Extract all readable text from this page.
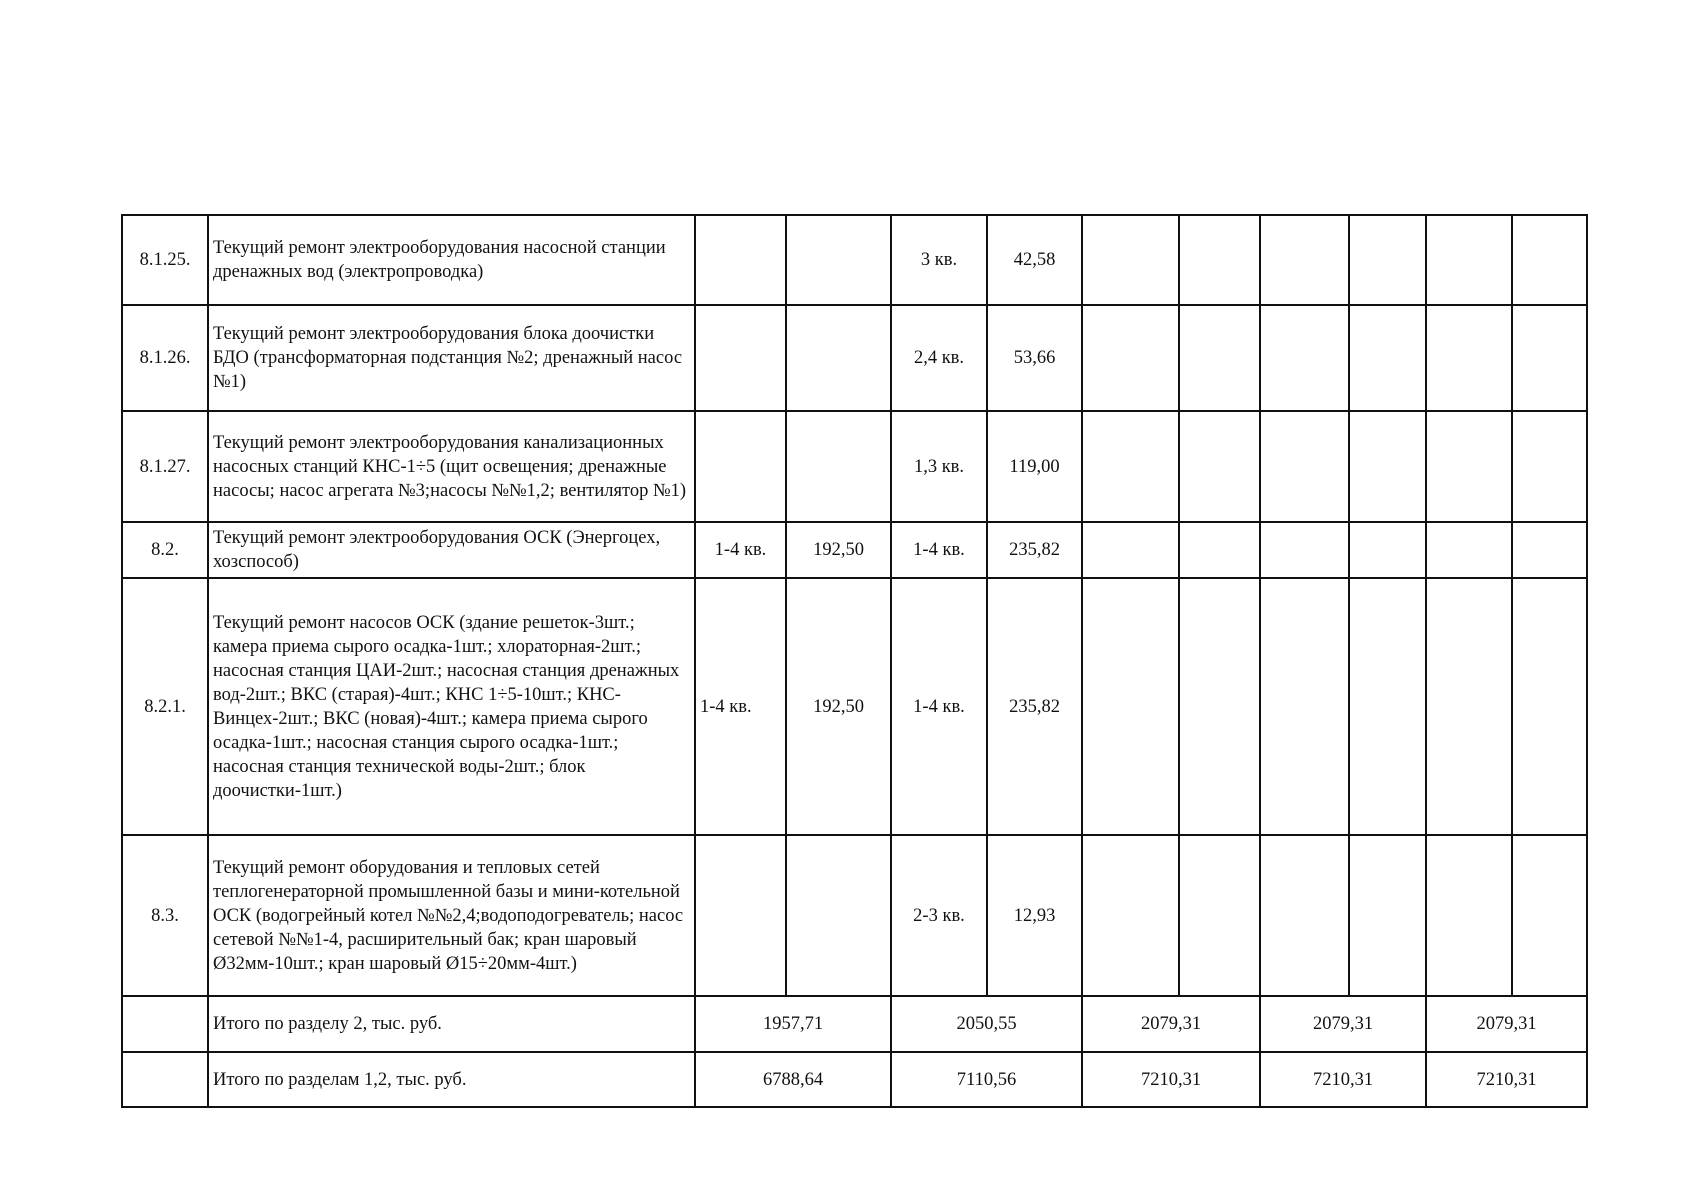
8.1.25.	Текущий ремонт электрооборудования насосной станции дренажных вод (электропроводка)			3 кв.	42,58						
8.1.26.	Текущий ремонт электрооборудования блока доочистки БДО (трансформаторная подстанция №2; дренажный насос №1)			2,4 кв.	53,66						
8.1.27.	Текущий ремонт электрооборудования канализационных насосных станций КНС-1÷5 (щит освещения; дренажные насосы; насос агрегата №3;насосы №№1,2; вентилятор №1)			1,3 кв.	119,00						
8.2.	Текущий ремонт электрооборудования ОСК (Энергоцех, хозспособ)	1-4 кв.	192,50	1-4 кв.	235,82						
8.2.1.	Текущий ремонт насосов ОСК (здание решеток-3шт.; камера приема сырого осадка-1шт.; хлораторная-2шт.; насосная станция ЦАИ-2шт.; насосная станция дренажных вод-2шт.; ВКС (старая)-4шт.; КНС 1÷5-10шт.; КНС-Винцех-2шт.; ВКС (новая)-4шт.; камера приема сырого осадка-1шт.; насосная станция сырого осадка-1шт.; насосная станция технической воды-2шт.; блок доочистки-1шт.)	1-4 кв.	192,50	1-4 кв.	235,82						
8.3.	Текущий ремонт оборудования и тепловых сетей теплогенераторной промышленной базы и мини-котельной ОСК (водогрейный котел №№2,4;водоподогреватель; насос сетевой №№1-4, расширительный бак; кран шаровый Ø32мм-10шт.; кран шаровый Ø15÷20мм-4шт.)			2-3 кв.	12,93						
	Итого по разделу 2, тыс. руб.	1957,71		2050,55		2079,31		2079,31		2079,31	
	Итого по разделам 1,2, тыс. руб.	6788,64		7110,56		7210,31		7210,31		7210,31	
